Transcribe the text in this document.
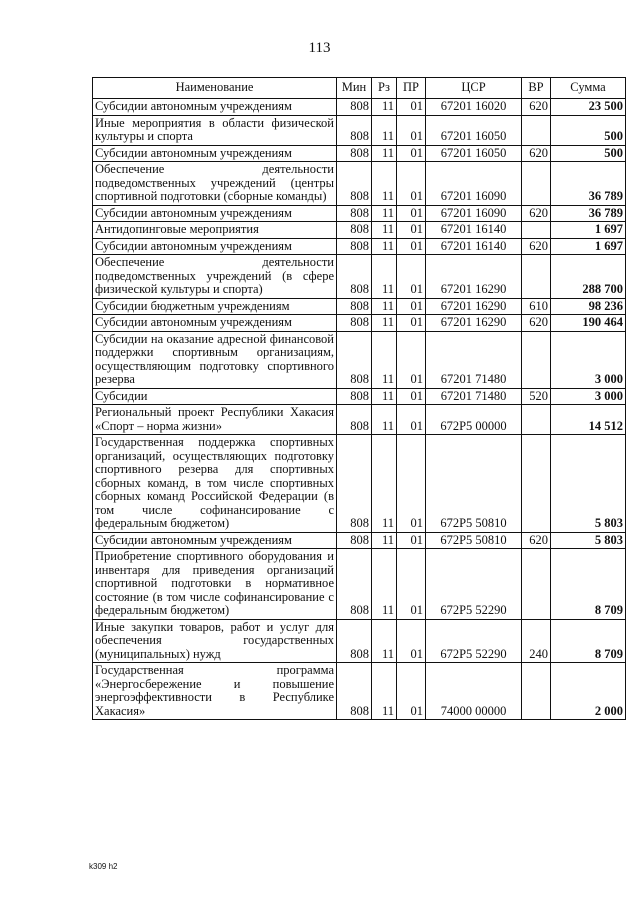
113
Наименование	Мин	Рз	ПР	ЦСР	ВР	Сумма
Субсидии автономным учреждениям	808	11	01	67201 16020	620	23 500
Иные мероприятия в области физической культуры и спорта	808	11	01	67201 16050		500
Субсидии автономным учреждениям	808	11	01	67201 16050	620	500
Обеспечение деятельности подведомственных учреждений (центры спортивной подготовки (сборные команды)	808	11	01	67201 16090		36 789
Субсидии автономным учреждениям	808	11	01	67201 16090	620	36 789
Антидопинговые мероприятия	808	11	01	67201 16140		1 697
Субсидии автономным учреждениям	808	11	01	67201 16140	620	1 697
Обеспечение деятельности подведомственных учреждений (в сфере физической культуры и спорта)	808	11	01	67201 16290		288 700
Субсидии бюджетным учреждениям	808	11	01	67201 16290	610	98 236
Субсидии автономным учреждениям	808	11	01	67201 16290	620	190 464
Субсидии на оказание адресной финансовой поддержки спортивным организациям, осуществляющим подготовку спортивного резерва	808	11	01	67201 71480		3 000
Субсидии	808	11	01	67201 71480	520	3 000
Региональный проект Республики Хакасия «Спорт – норма жизни»	808	11	01	672P5 00000		14 512
Государственная поддержка спортивных организаций, осуществляющих подготовку спортивного резерва для спортивных сборных команд, в том числе спортивных сборных команд Российской Федерации (в том числе софинансирование с федеральным бюджетом)	808	11	01	672P5 50810		5 803
Субсидии автономным учреждениям	808	11	01	672P5 50810	620	5 803
Приобретение спортивного оборудования и инвентаря для приведения организаций спортивной подготовки в нормативное состояние (в том числе софинансирование с федеральным бюджетом)	808	11	01	672P5 52290		8 709
Иные закупки товаров, работ и услуг для обеспечения государственных (муниципальных) нужд	808	11	01	672P5 52290	240	8 709
Государственная программа «Энергосбережение и повышение энергоэффективности в Республике Хакасия»	808	11	01	74000 00000		2 000
k309 h2
